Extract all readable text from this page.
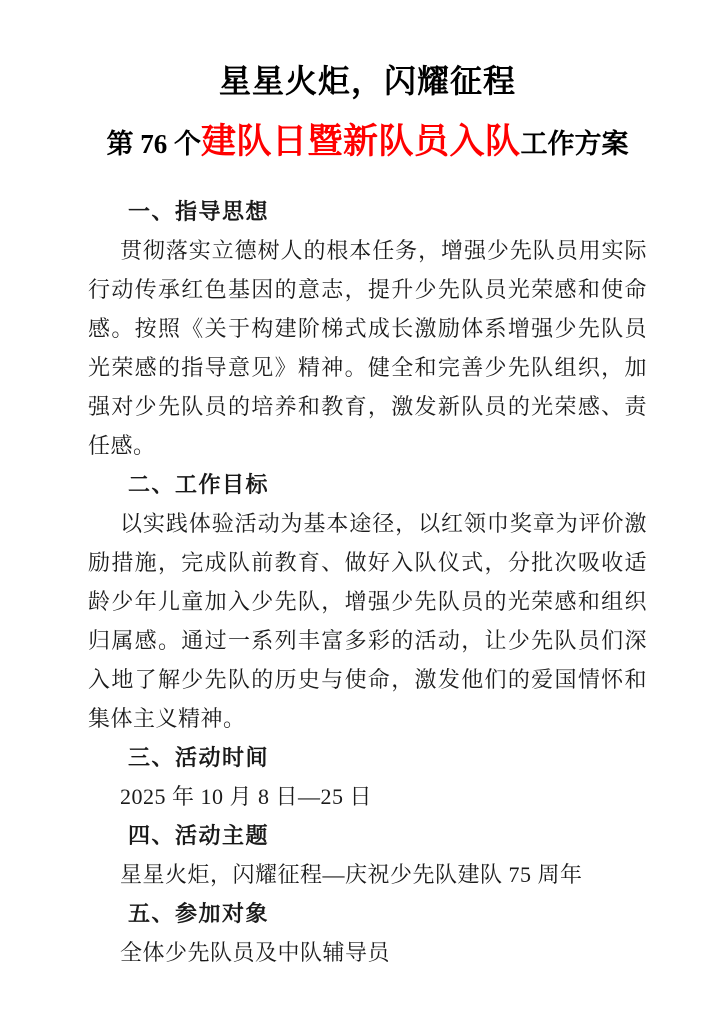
星星火炬，闪耀征程
第 76 个建队日暨新队员入队工作方案
一、指导思想

贯彻落实立德树人的根本任务，增强少先队员用实际行动传承红色基因的意志，提升少先队员光荣感和使命感。按照《关于构建阶梯式成长激励体系增强少先队员光荣感的指导意见》精神。健全和完善少先队组织，加强对少先队员的培养和教育，激发新队员的光荣感、责任感。

二、工作目标

以实践体验活动为基本途径，以红领巾奖章为评价激励措施，完成队前教育、做好入队仪式，分批次吸收适龄少年儿童加入少先队，增强少先队员的光荣感和组织归属感。通过一系列丰富多彩的活动，让少先队员们深入地了解少先队的历史与使命，激发他们的爱国情怀和集体主义精神。

三、活动时间

2025 年 10 月 8 日—25 日

四、活动主题

星星火炬，闪耀征程—庆祝少先队建队 75 周年

五、参加对象

全体少先队员及中队辅导员
